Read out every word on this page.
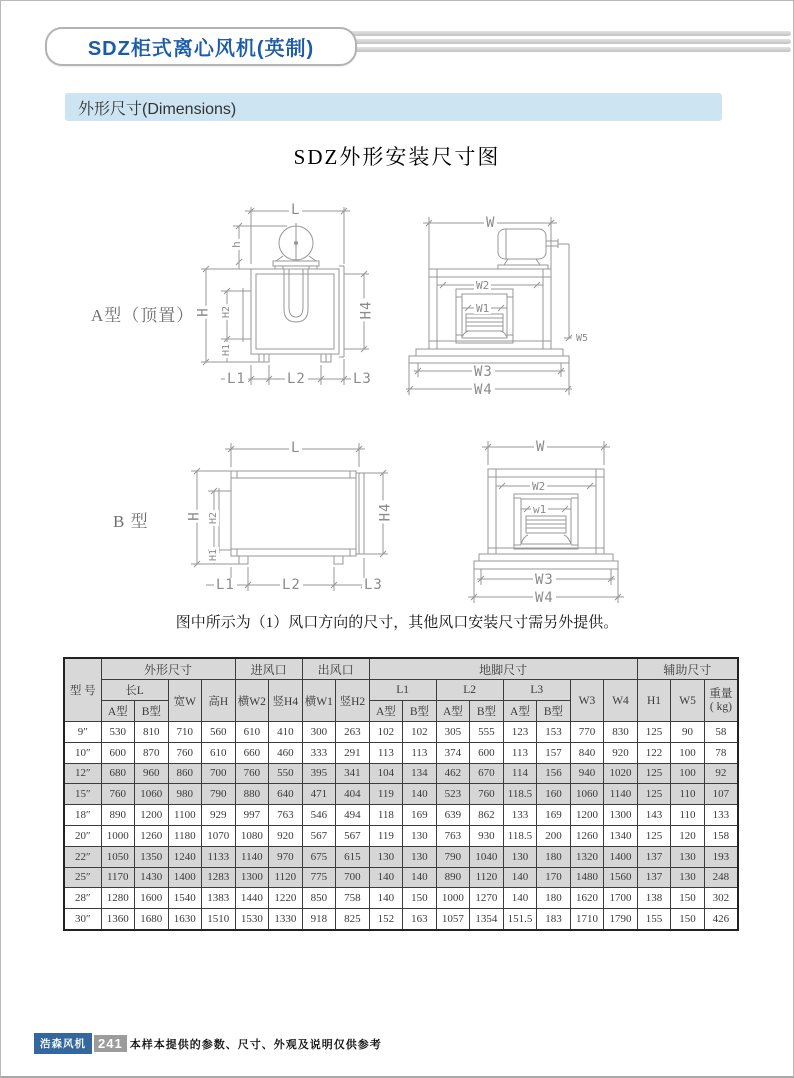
SDZ柜式离心风机(英制)
外形尺寸(Dimensions)
SDZ外形安装尺寸图
A型（顶置）
B 型
L
h
H H2
H1
H4
L1	L2	L3
W
W2
W1
W5
W3
W4
L
H H2
H1
H4
L1	L2	L3
W
W2
w1
W3
W4
图中所示为（1）风口方向的尺寸，其他风口安装尺寸需另外提供。
型 号	外形尺寸				进风口		出风口		地脚尺寸								辅助尺寸		
	长L		宽W	高H	横W2	竖H4	横W1	竖H2	L1		L2		L3		W3	W4	H1	W5	重量
( kg)

	A型	B型							A型	B型	A型	B型	A型	B型					
9″	530	810	710	560	610	410	300	263	102	102	305	555	123	153	770	830	125	90	58
10″	600	870	760	610	660	460	333	291	113	113	374	600	113	157	840	920	122	100	78
12″	680	960	860	700	760	550	395	341	104	134	462	670	114	156	940	1020	125	100	92
15″	760	1060	980	790	880	640	471	404	119	140	523	760	118.5	160	1060	1140	125	110	107
18″	890	1200	1100	929	997	763	546	494	118	169	639	862	133	169	1200	1300	143	110	133
20″	1000	1260	1180	1070	1080	920	567	567	119	130	763	930	118.5	200	1260	1340	125	120	158
22″	1050	1350	1240	1133	1140	970	675	615	130	130	790	1040	130	180	1320	1400	137	130	193
25″	1170	1430	1400	1283	1300	1120	775	700	140	140	890	1120	140	170	1480	1560	137	130	248
28″	1280	1600	1540	1383	1440	1220	850	758	140	150	1000	1270	140	180	1620	1700	138	150	302
30″	1360	1680	1630	1510	1530	1330	918	825	152	163	1057	1354	151.5	183	1710	1790	155	150	426
浩森风机 241 本样本提供的参数、尺寸、外观及说明仅供参考
